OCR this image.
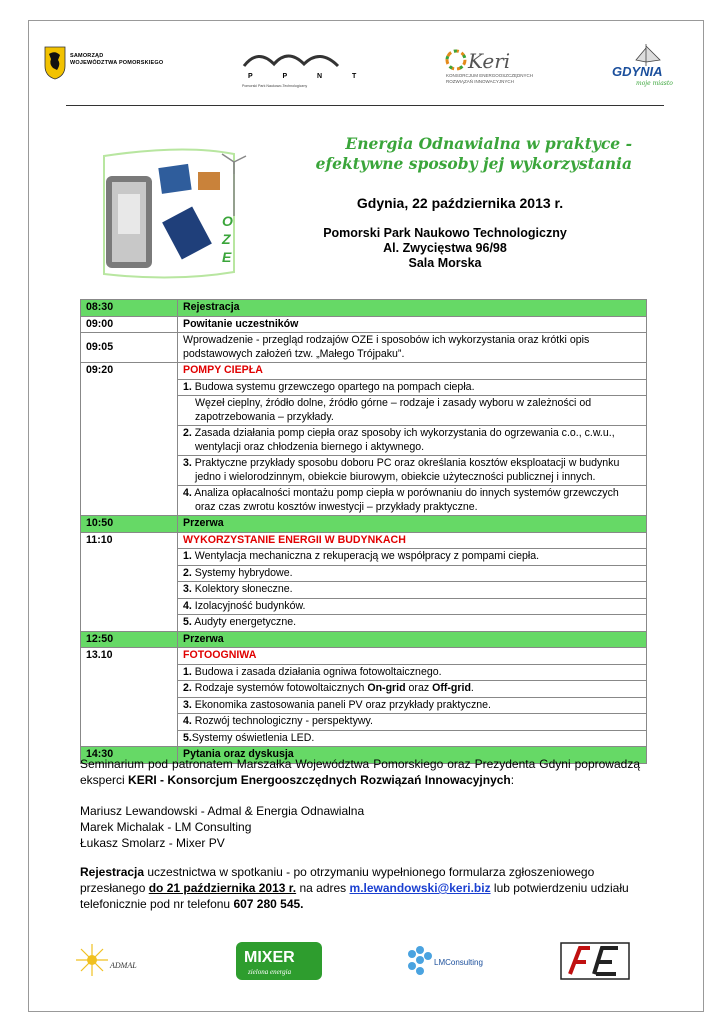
SAMORZĄD
WOJEWÓDZTWA POMORSKIEGO
P P N T
Pomorski Park Naukowo-Technologiczny
Keri
KONSORCJUM ENERGOOSZCZĘDNYCH ROZWIĄZAŃ INNOWACYJNYCH
GDYNIA
moje miasto
O
Z
E
Energia Odnawialna w praktyce -
efektywne sposoby jej wykorzystania
Gdynia, 22 października 2013 r.
Pomorski Park Naukowo Technologiczny
Al. Zwycięstwa 96/98
Sala Morska
08:30	Rejestracja
09:00	Powitanie uczestników
09:05	Wprowadzenie - przegląd rodzajów OZE i sposobów ich wykorzystania oraz krótki opis
podstawowych założeń tzw. „Małego Trójpaku”.
09:20	POMPY CIEPŁA
	1. Budowa systemu grzewczego opartego na pompach ciepła.

	Węzeł cieplny, źródło dolne, źródło górne – rodzaje i zasady wyboru w zależności od
zapotrzebowania – przykłady.

	2. Zasada działania pomp ciepła oraz sposoby ich wykorzystania do ogrzewania c.o., c.w.u.,
wentylacji oraz chłodzenia biernego i aktywnego.

	3. Praktyczne przykłady sposobu doboru PC oraz określania kosztów eksploatacji w budynku
jedno i wielorodzinnym, obiekcie biurowym, obiekcie użyteczności publicznej i innych.

	4. Analiza opłacalności montażu pomp ciepła w porównaniu do innych systemów grzewczych
oraz czas zwrotu kosztów inwestycji – przykłady praktyczne.

10:50	Przerwa
11:10	WYKORZYSTANIE ENERGII W BUDYNKACH
	1. Wentylacja mechaniczna z rekuperacją we współpracy z pompami ciepła.
	2. Systemy hybrydowe.
	3. Kolektory słoneczne.
	4. Izolacyjność budynków.
	5. Audyty energetyczne.
12:50	Przerwa
13.10	FOTOOGNIWA
	1. Budowa i zasada działania ogniwa fotowoltaicznego.
	2. Rodzaje systemów fotowoltaicznych On-grid oraz Off-grid.
	3. Ekonomika zastosowania paneli PV oraz przykłady praktyczne.
	4. Rozwój technologiczny - perspektywy.
	5.Systemy oświetlenia LED.
14:30	Pytania oraz dyskusja
Seminarium pod patronatem Marszałka Województwa Pomorskiego oraz Prezydenta Gdyni poprowadzą eksperci KERI - Konsorcjum Energooszczędnych Rozwiązań Innowacyjnych:
Mariusz Lewandowski - Admal & Energia Odnawialna
Marek Michalak - LM Consulting
Łukasz Smolarz - Mixer PV
Rejestracja uczestnictwa w spotkaniu - po otrzymaniu wypełnionego formularza zgłoszeniowego przesłanego do 21 października 2013 r. na adres m.lewandowski@keri.biz lub potwierdzeniu udziału telefonicznie pod nr telefonu 607 280 545.
ADMAL	MIXER
zielona energia
LMConsulting
